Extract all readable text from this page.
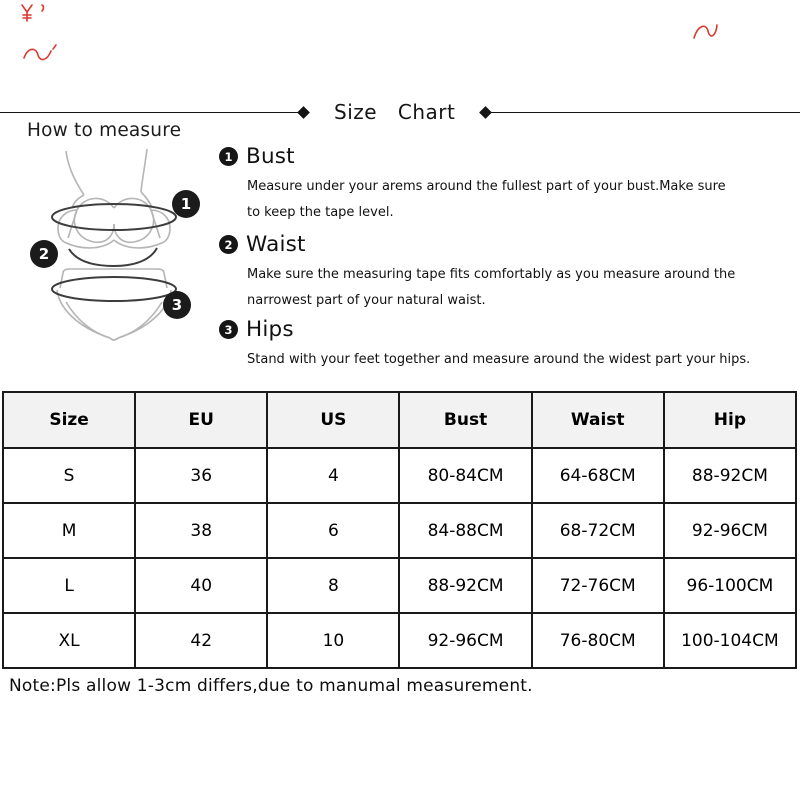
Size Chart
How to measure
1
2
3
1 Bust

Measure under your arems around the fullest part of your bust.Make sure
to keep the tape level.

2 Waist

Make sure the measuring tape fits comfortably as you measure around the
narrowest part of your natural waist.

3 Hips

Stand with your feet together and measure around the widest part your hips.

Size	EU	US	Bust	Waist	Hip
S	36	4	80-84CM	64-68CM	88-92CM
M	38	6	84-88CM	68-72CM	92-96CM
L	40	8	88-92CM	72-76CM	96-100CM
XL	42	10	92-96CM	76-80CM	100-104CM
Note:Pls allow 1-3cm differs,due to manumal measurement.
